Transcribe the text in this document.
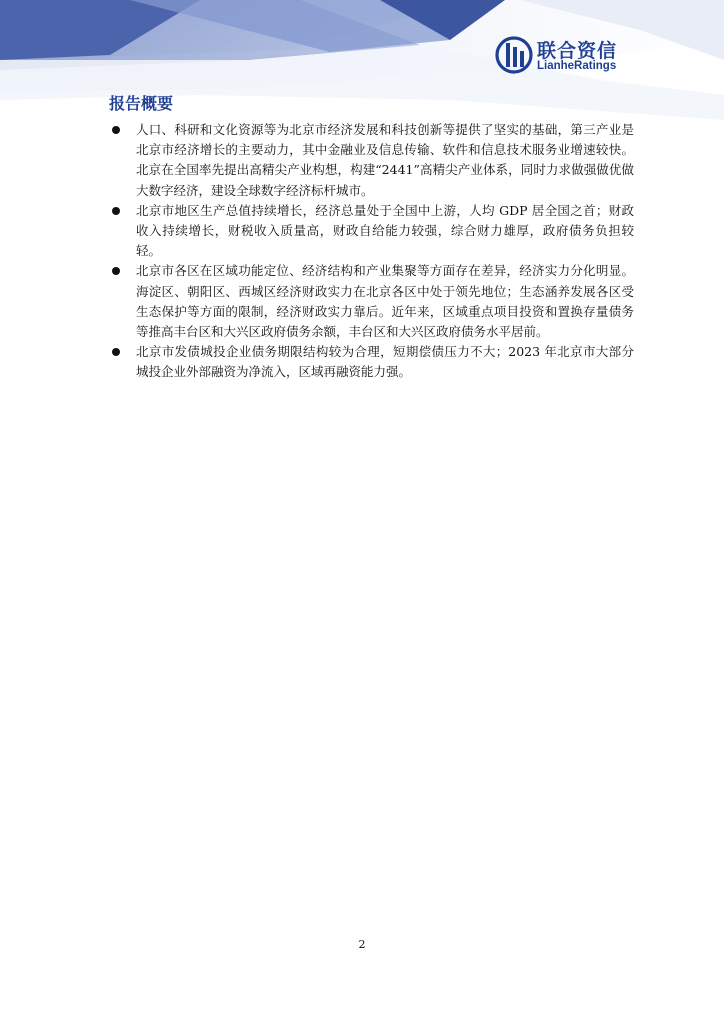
联合资信
LianheRatings
报告概要
人口、科研和文化资源等为北京市经济发展和科技创新等提供了坚实的基础，第三产业是北京市经济增长的主要动力，其中金融业及信息传输、软件和信息技术服务业增速较快。北京在全国率先提出高精尖产业构想，构建“2441”高精尖产业体系，同时力求做强做优做大数字经济，建设全球数字经济标杆城市。
北京市地区生产总值持续增长，经济总量处于全国中上游，人均 GDP 居全国之首；财政收入持续增长，财税收入质量高，财政自给能力较强，综合财力雄厚，政府债务负担较轻。
北京市各区在区域功能定位、经济结构和产业集聚等方面存在差异，经济实力分化明显。海淀区、朝阳区、西城区经济财政实力在北京各区中处于领先地位；生态涵养发展各区受生态保护等方面的限制，经济财政实力靠后。近年来，区域重点项目投资和置换存量债务等推高丰台区和大兴区政府债务余额，丰台区和大兴区政府债务水平居前。
北京市发债城投企业债务期限结构较为合理，短期偿债压力不大；2023 年北京市大部分城投企业外部融资为净流入，区域再融资能力强。
2
